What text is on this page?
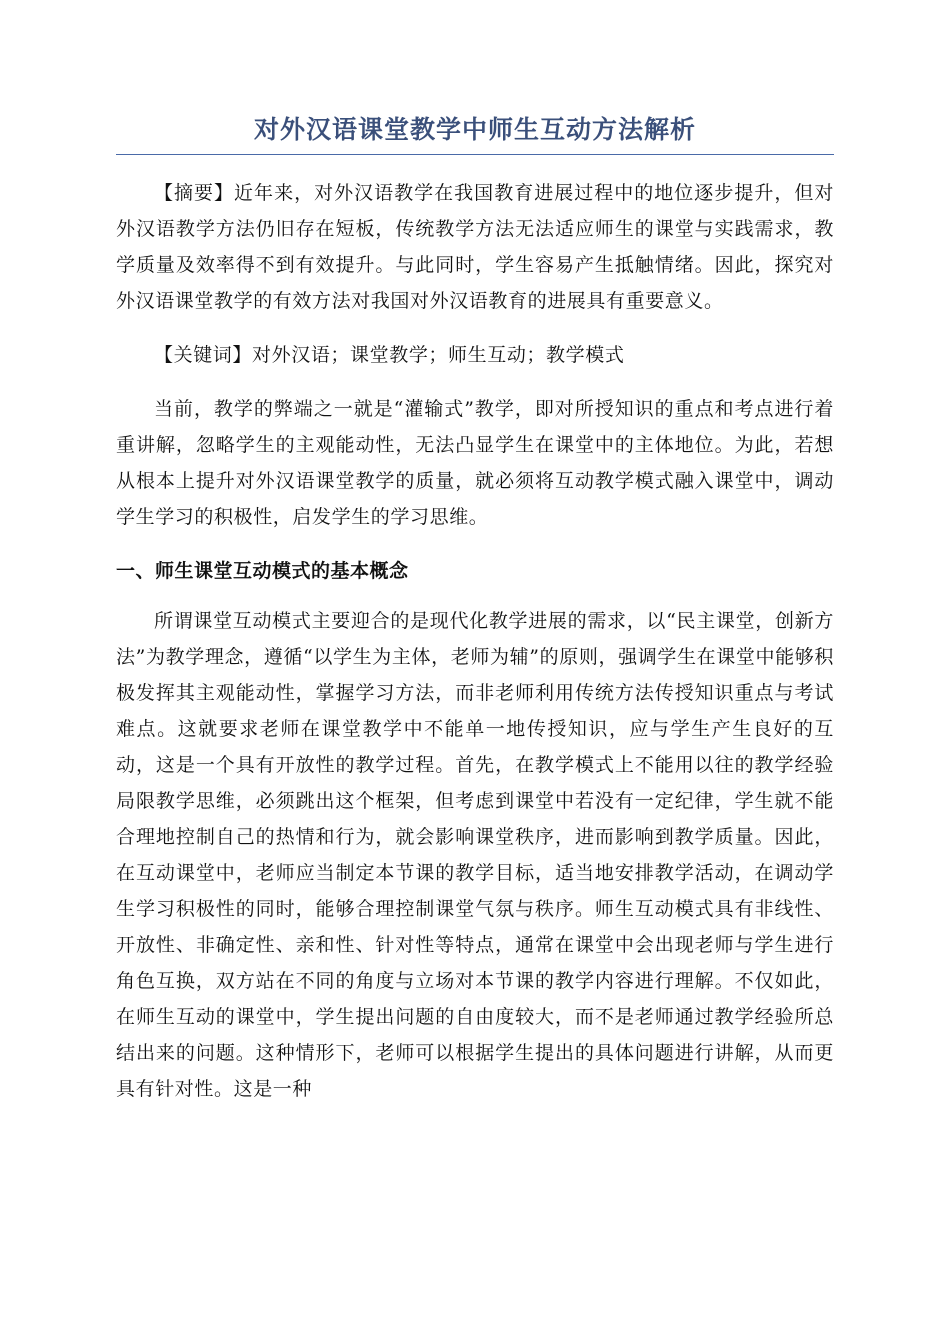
对外汉语课堂教学中师生互动方法解析

【摘要】近年来，对外汉语教学在我国教育进展过程中的地位逐步提升，但对外汉语教学方法仍旧存在短板，传统教学方法无法适应师生的课堂与实践需求，教学质量及效率得不到有效提升。与此同时，学生容易产生抵触情绪。因此，探究对外汉语课堂教学的有效方法对我国对外汉语教育的进展具有重要意义。

【关键词】对外汉语；课堂教学；师生互动；教学模式

当前，教学的弊端之一就是“灌输式”教学，即对所授知识的重点和考点进行着重讲解，忽略学生的主观能动性，无法凸显学生在课堂中的主体地位。为此，若想从根本上提升对外汉语课堂教学的质量，就必须将互动教学模式融入课堂中，调动学生学习的积极性，启发学生的学习思维。

一、师生课堂互动模式的基本概念

所谓课堂互动模式主要迎合的是现代化教学进展的需求，以“民主课堂，创新方法”为教学理念，遵循“以学生为主体，老师为辅”的原则，强调学生在课堂中能够积极发挥其主观能动性，掌握学习方法，而非老师利用传统方法传授知识重点与考试难点。这就要求老师在课堂教学中不能单一地传授知识，应与学生产生良好的互动，这是一个具有开放性的教学过程。首先，在教学模式上不能用以往的教学经验局限教学思维，必须跳出这个框架，但考虑到课堂中若没有一定纪律，学生就不能合理地控制自己的热情和行为，就会影响课堂秩序，进而影响到教学质量。因此，在互动课堂中，老师应当制定本节课的教学目标，适当地安排教学活动，在调动学生学习积极性的同时，能够合理控制课堂气氛与秩序。师生互动模式具有非线性、开放性、非确定性、亲和性、针对性等特点，通常在课堂中会出现老师与学生进行角色互换，双方站在不同的角度与立场对本节课的教学内容进行理解。不仅如此，在师生互动的课堂中，学生提出问题的自由度较大，而不是老师通过教学经验所总结出来的问题。这种情形下，老师可以根据学生提出的具体问题进行讲解，从而更具有针对性。这是一种
